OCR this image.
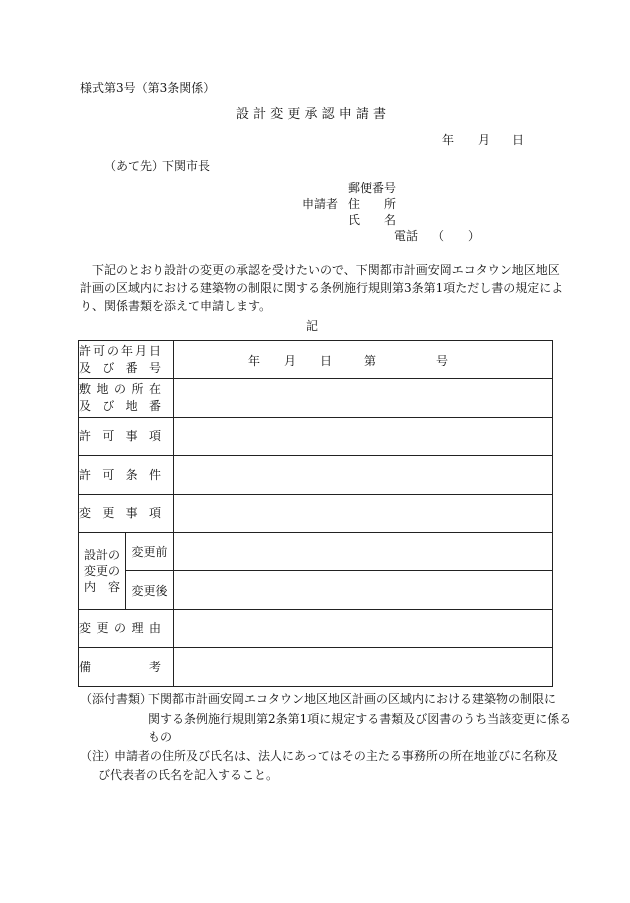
様式第3号（第3条関係）
設 計 変 更 承 認 申 請 書
年 月 日
（あて先）
下関市長
郵便番号
申請者 住　　所
氏　　名
電話 （　　）
下記のとおり設計の変更の承認を受けたいので、下関都市計画安岡エコタウン地区地区
計画の区域内における建築物の制限に関する条例施行規則第3条第1項ただし書の規定によ
り、関係書類を添えて申請します。
記
許可の年月日
及 び 番 号		年 月 日 第 号

敷地の所在
及 び 地 番		

許可事項		

許可条件		

変更事項		

設計の
変更の
内　容	変更前	
	変更後	

変更の理由		

備考		

（添付書類）
下関都市計画安岡エコタウン地区地区計画の区域内における建築物の制限に
関する条例施行規則第2条第1項に規定する書類及び図書のうち当該変更に係る
もの
（注）
申請者の住所及び氏名は、法人にあってはその主たる事務所の所在地並びに名称及
び代表者の氏名を記入すること。
